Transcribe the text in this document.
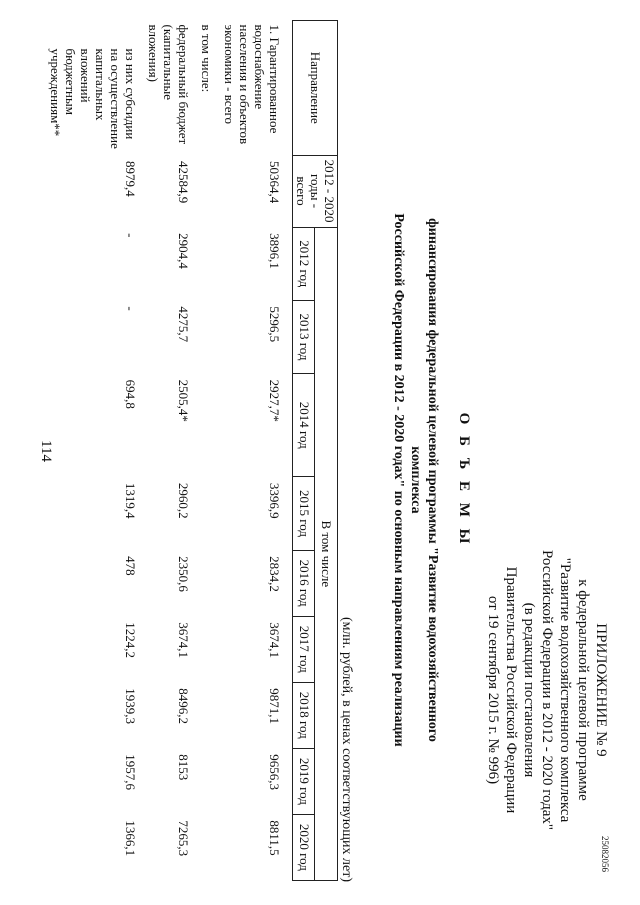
114
25082056
ПРИЛОЖЕНИЕ № 9
к федеральной целевой программе
"Развитие водохозяйственного комплекса
Российской Федерации в 2012 - 2020 годах"
(в редакции постановления
Правительства Российской Федерации
от 19 сентября 2015 г. № 996)
О Б Ъ Е М Ы
финансирования федеральной целевой программы "Развитие водохозяйственного комплекса
Российской Федерации в 2012 - 2020 годах" по основным направлениям реализации
(млн. рублей, в ценах соответствующих лет)
Направление	2012 - 2020 годы - всего	В том числе								
		2012 год	2013 год	2014 год	2015 год	2016 год	2017 год	2018 год	2019 год	2020 год
1. Гарантированное водоснабжение населения и объектов экономики - всего	50364,4	3896,1	5296,5	2927,7*	3396,9	2834,2	3674,1	9871,1	9656,3	8811,5
в том числе:										
федеральный бюджет (капитальные вложения)	42584,9	2904,4	4275,7	2505,4*	2960,2	2350,6	3674,1	8496,2	8153	7265,3
из них субсидии на осуществление капитальных вложений бюджетным учреждениям**	8979,4	-	-	694,8	1319,4	478	1224,2	1939,3	1957,6	1366,1
